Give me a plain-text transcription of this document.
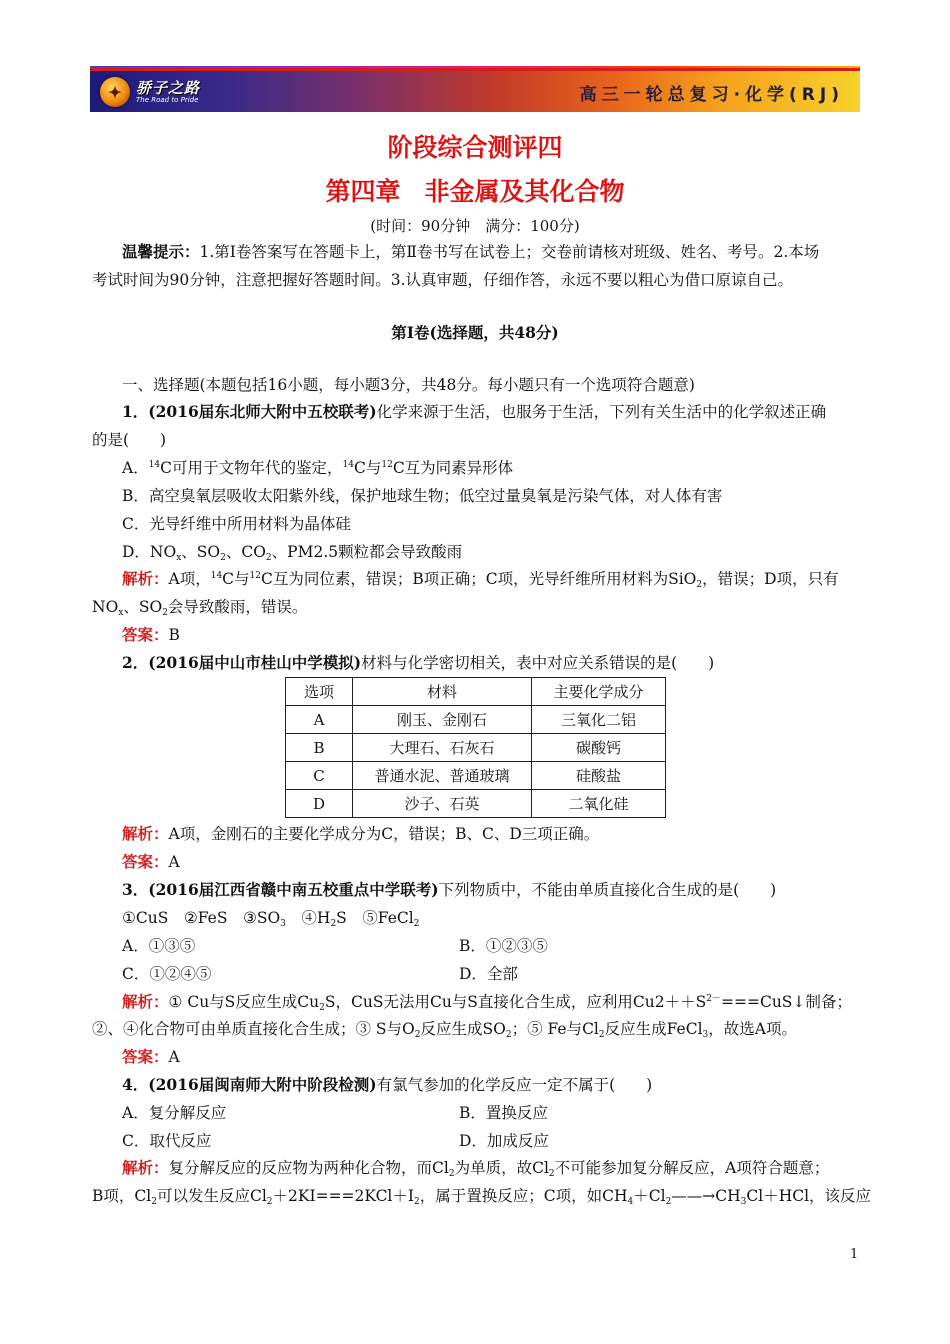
✦ 骄子之路
The Road to Pride	高三一轮总复习·化学(RJ)
阶段综合测评四
第四章 非金属及其化合物
(时间：90分钟　满分：100分)
温馨提示：1.第Ⅰ卷答案写在答题卡上，第Ⅱ卷书写在试卷上；交卷前请核对班级、姓名、考号。2.本场
考试时间为90分钟，注意把握好答题时间。3.认真审题，仔细作答，永远不要以粗心为借口原谅自己。
第Ⅰ卷(选择题，共48分)
一、选择题(本题包括16小题，每小题3分，共48分。每小题只有一个选项符合题意)
1．(2016届东北师大附中五校联考)化学来源于生活，也服务于生活，下列有关生活中的化学叙述正确
的是(　　)
A．$^{14}$C可用于文物年代的鉴定，$^{14}$C与$^{12}$C互为同素异形体
B．高空臭氧层吸收太阳紫外线，保护地球生物；低空过量臭氧是污染气体，对人体有害
C．光导纤维中所用材料为晶体硅
D．$NO_x$、$SO_2$、$CO_2$、PM2.5颗粒都会导致酸雨
解析：A项，$^{14}$C与$^{12}$C互为同位素，错误；B项正确；C项，光导纤维所用材料为SiO$_2$，错误；D项，只有
$NO_x$、$SO_2$会导致酸雨，错误。
答案：B
2．(2016届中山市桂山中学模拟)材料与化学密切相关，表中对应关系错误的是(　　)
选项	材料	主要化学成分
A	刚玉、金刚石	三氧化二铝
B	大理石、石灰石	碳酸钙
C	普通水泥、普通玻璃	硅酸盐
D	沙子、石英	二氧化硅
解析：A项，金刚石的主要化学成分为C，错误；B、C、D三项正确。
答案：A
3．(2016届江西省赣中南五校重点中学联考)下列物质中，不能由单质直接化合生成的是(　　)
①CuS　②FeS　$③SO_3$　$④H_2S$　⑤FeCl$_2$
A．①③⑤	B．①②③⑤
C．①②④⑤	D．全部
解析：① Cu与S反应生成$Cu_2S$，CuS无法用Cu与S直接化合生成，应利用$Cu2++S^{2-}===CuS↓$制备；
②、④化合物可由单质直接化合生成；③ S与$O_2$反应生成$SO_2$；⑤ Fe与$Cl_2$反应生成FeCl$_3$，故选A项。
答案：A
4．(2016届闽南师大附中阶段检测)有氯气参加的化学反应一定不属于(　　)
A．复分解反应	B．置换反应
C．取代反应	D．加成反应
解析：复分解反应的反应物为两种化合物，而$Cl_2$为单质，故$Cl_2$不可能参加复分解反应，A项符合题意；
B项，$Cl_2$可以发生反应$Cl_2+2KI===2KCl+I_2$，属于置换反应；C项，如$CH_4+Cl_2——\to CH_3Cl+HCl$，该反应
1
